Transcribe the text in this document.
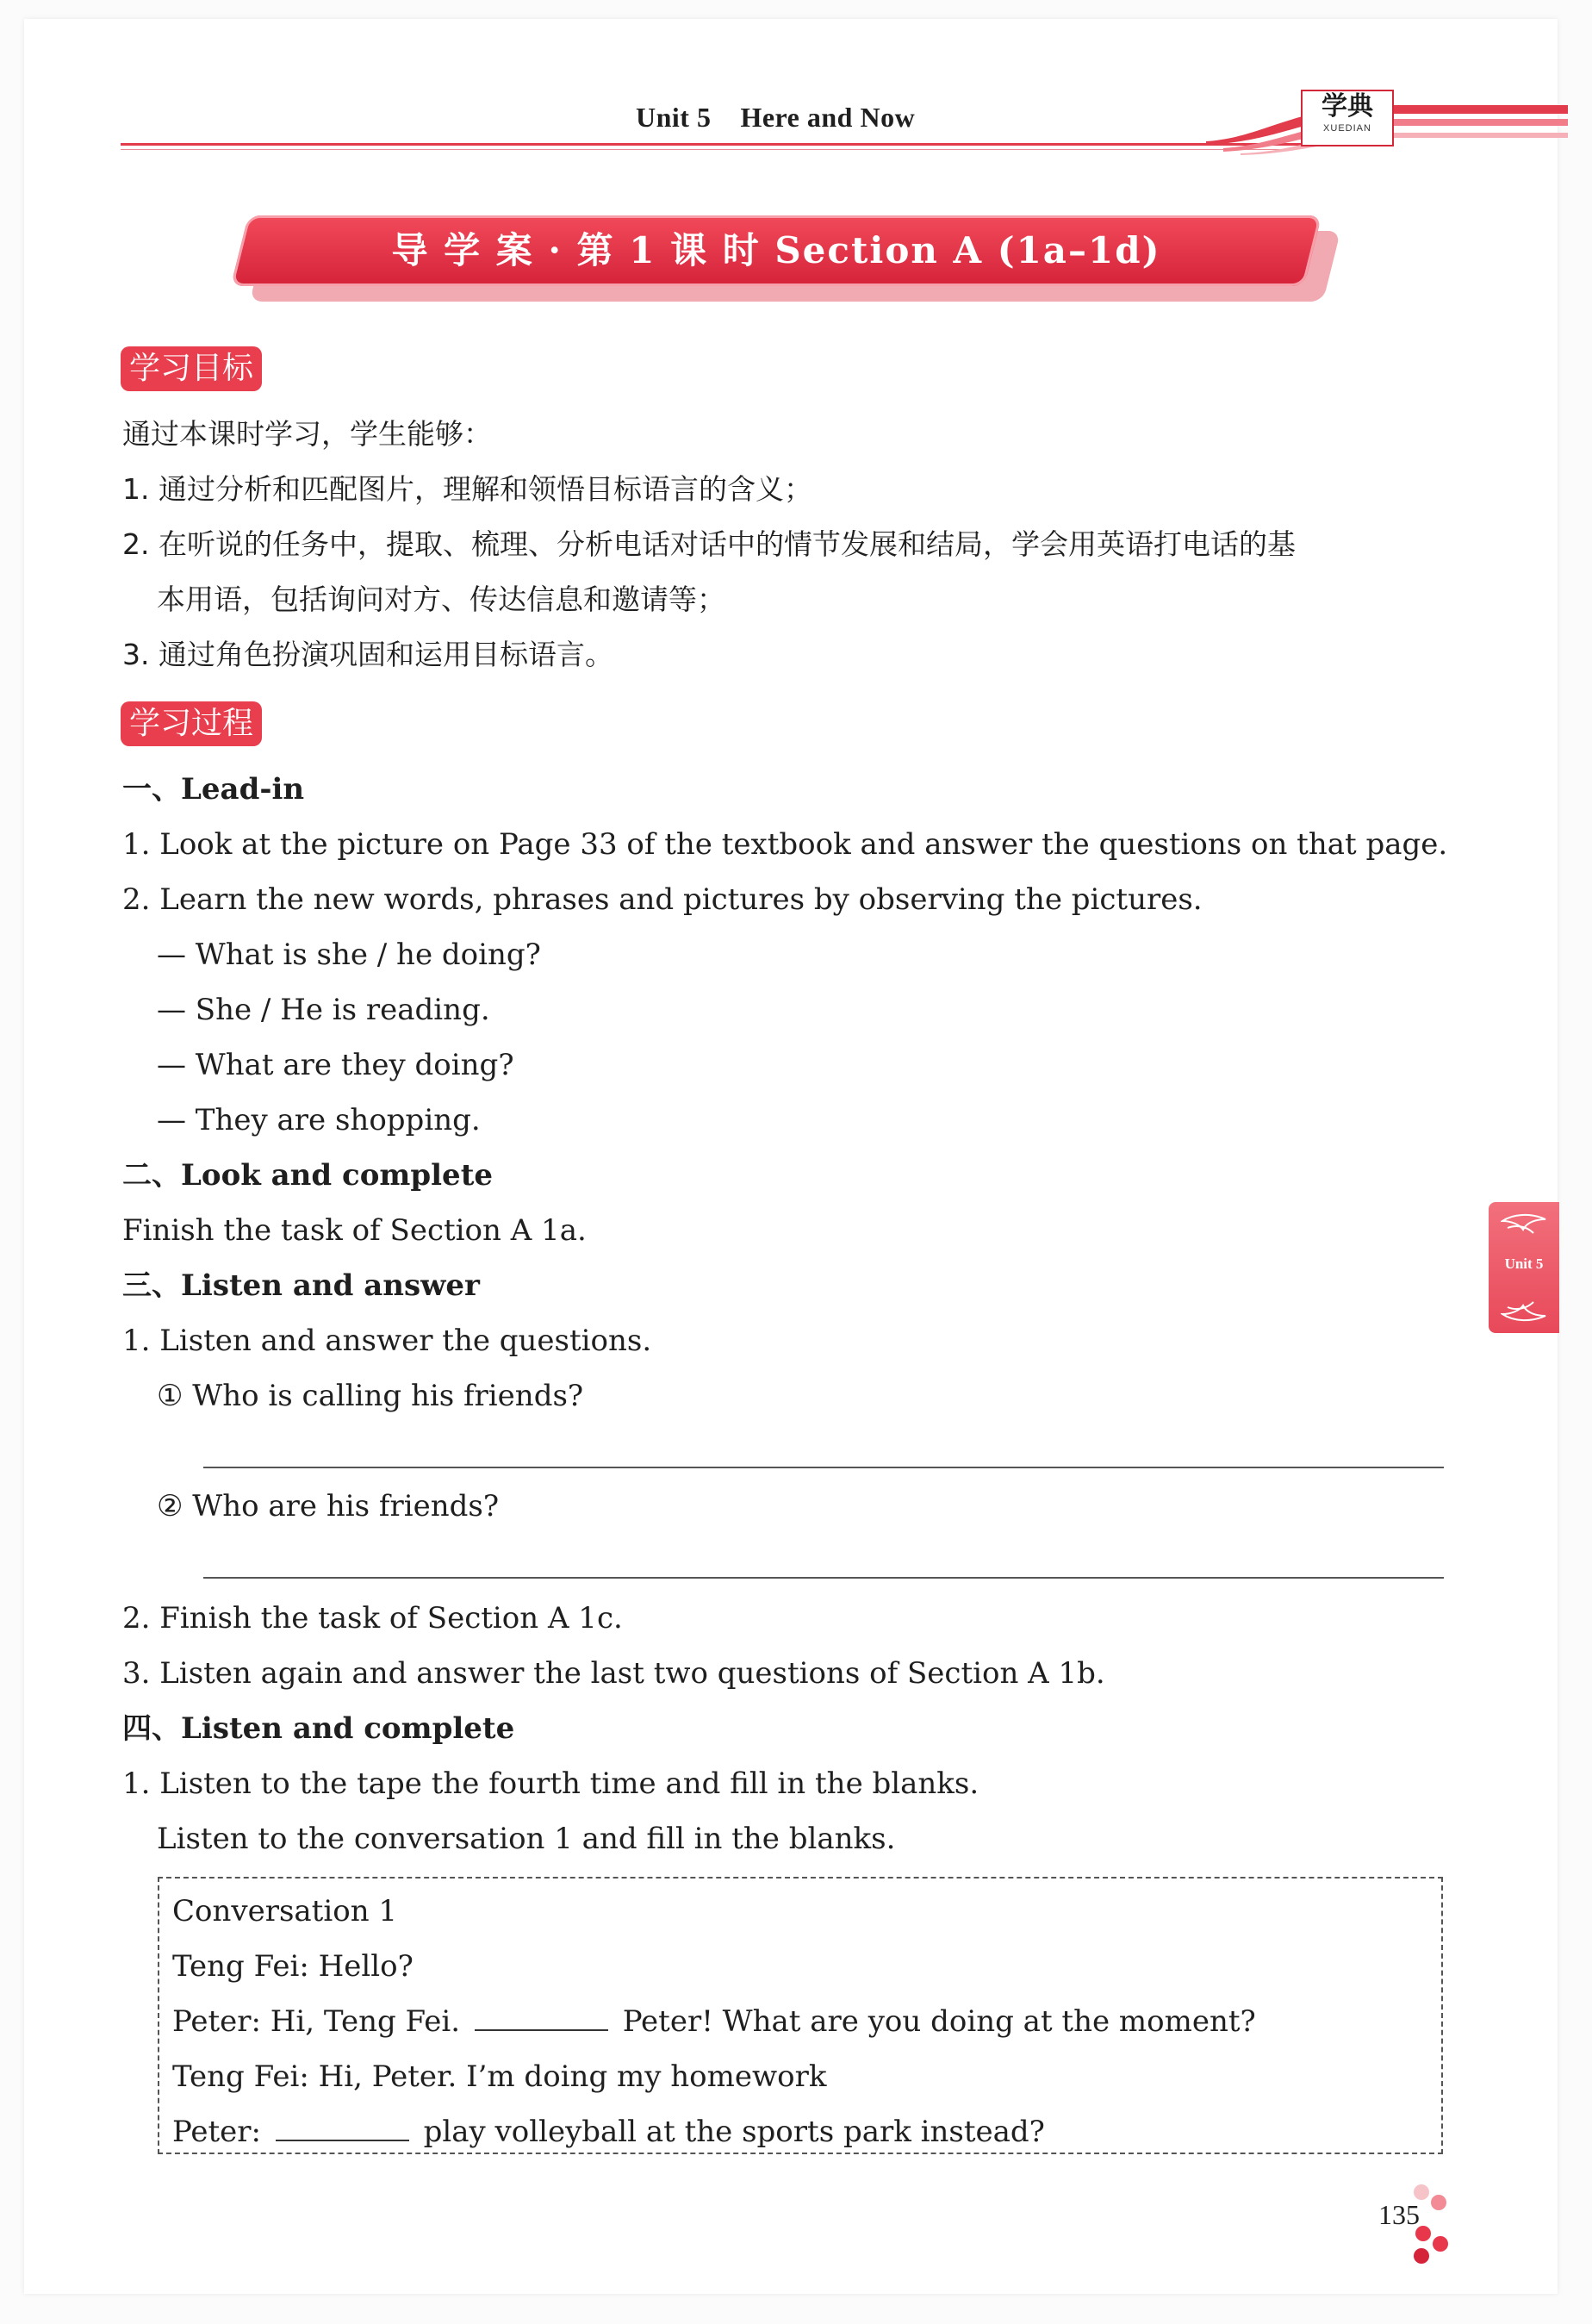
Unit 5    Here and Now	学典
XUEDIAN
导 学 案 · 第 1 课 时 Section A (1a–1d)
学习目标
通过本课时学习，学生能够：
1. 通过分析和匹配图片，理解和领悟目标语言的含义；
2. 在听说的任务中，提取、梳理、分析电话对话中的情节发展和结局，学会用英语打电话的基
本用语，包括询问对方、传达信息和邀请等；
3. 通过角色扮演巩固和运用目标语言。
学习过程
一、Lead-in
1. Look at the picture on Page 33 of the textbook and answer the questions on that page.
2. Learn the new words, phrases and pictures by observing the pictures.
— What is she / he doing?
— She / He is reading.
— What are they doing?
— They are shopping.
二、Look and complete
Finish the task of Section A 1a.
三、Listen and answer
1. Listen and answer the questions.
① Who is calling his friends?
② Who are his friends?
2. Finish the task of Section A 1c.
3. Listen again and answer the last two questions of Section A 1b.
四、Listen and complete
1. Listen to the tape the fourth time and fill in the blanks.
Listen to the conversation 1 and fill in the blanks.
Conversation 1
Teng Fei: Hello?
Peter: Hi, Teng Fei.	Peter! What are you doing at the moment?
Teng Fei: Hi, Peter. I’m doing my homework
Peter:	play volleyball at the sports park instead?
Unit 5
135
